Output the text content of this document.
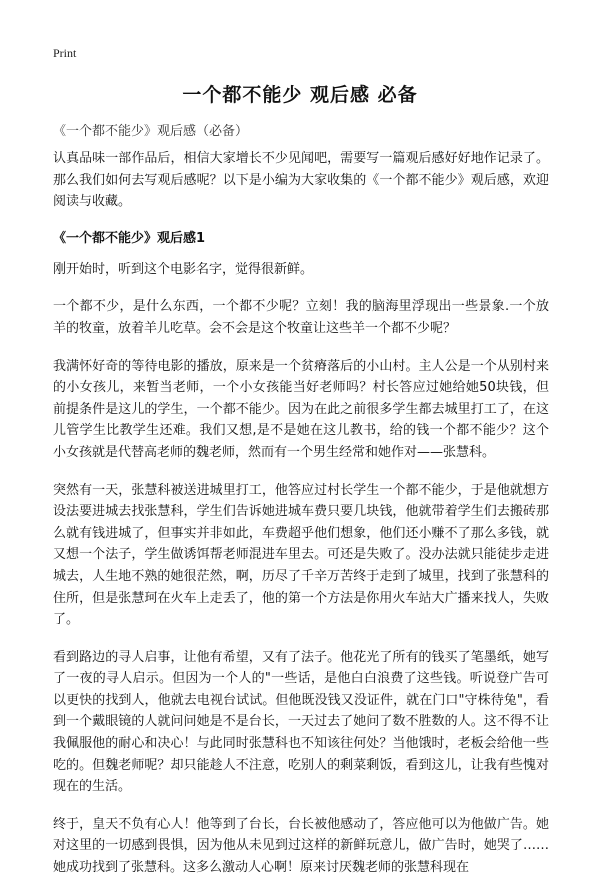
Print
一个都不能少 观后感 必备
《一个都不能少》观后感（必备）

认真品味一部作品后，相信大家增长不少见闻吧，需要写一篇观后感好好地作记录了。那么我们如何去写观后感呢？以下是小编为大家收集的《一个都不能少》观后感，欢迎阅读与收藏。

《一个都不能少》观后感1

刚开始时，听到这个电影名字，觉得很新鲜。

一个都不少，是什么东西，一个都不少呢？立刻！我的脑海里浮现出一些景象.一个放羊的牧童，放着羊儿吃草。会不会是这个牧童让这些羊一个都不少呢？

我满怀好奇的等待电影的播放，原来是一个贫瘠落后的小山村。主人公是一个从别村来的小女孩儿，来暂当老师，一个小女孩能当好老师吗？村长答应过她给她50块钱，但前提条件是这儿的学生，一个都不能少。因为在此之前很多学生都去城里打工了，在这儿管学生比教学生还难。我们又想,是不是她在这儿教书，给的钱一个都不能少？这个小女孩就是代替高老师的魏老师，然而有一个男生经常和她作对——张慧科。

突然有一天，张慧科被送进城里打工，他答应过村长学生一个都不能少，于是他就想方设法要进城去找张慧科，学生们告诉她进城车费只要几块钱，他就带着学生们去搬砖那么就有钱进城了，但事实并非如此，车费超乎他们想象，他们还小赚不了那么多钱，就又想一个法子，学生做诱饵帮老师混进车里去。可还是失败了。没办法就只能徒步走进城去，人生地不熟的她很茫然，啊，历尽了千辛万苦终于走到了城里，找到了张慧科的住所，但是张慧珂在火车上走丢了，他的第一个方法是你用火车站大广播来找人，失败了。

看到路边的寻人启事，让他有希望，又有了法子。他花光了所有的钱买了笔墨纸，她写了一夜的寻人启示。但因为一个人的"一些话，是他白白浪费了这些钱。听说登广告可以更快的找到人，他就去电视台试试。但他既没钱又没证件，就在门口"守株待兔"，看到一个戴眼镜的人就问问她是不是台长，一天过去了她问了数不胜数的人。这不得不让我佩服他的耐心和决心！与此同时张慧科也不知该往何处？当他饿时，老板会给他一些吃的。但魏老师呢？却只能趁人不注意，吃别人的剩菜剩饭，看到这儿，让我有些愧对现在的生活。

终于，皇天不负有心人！他等到了台长，台长被他感动了，答应他可以为他做广告。她对这里的一切感到畏惧，因为他从未见到过这样的新鲜玩意儿，做广告时，她哭了……她成功找到了张慧科。这多么激动人心啊！原来讨厌魏老师的张慧科现在
